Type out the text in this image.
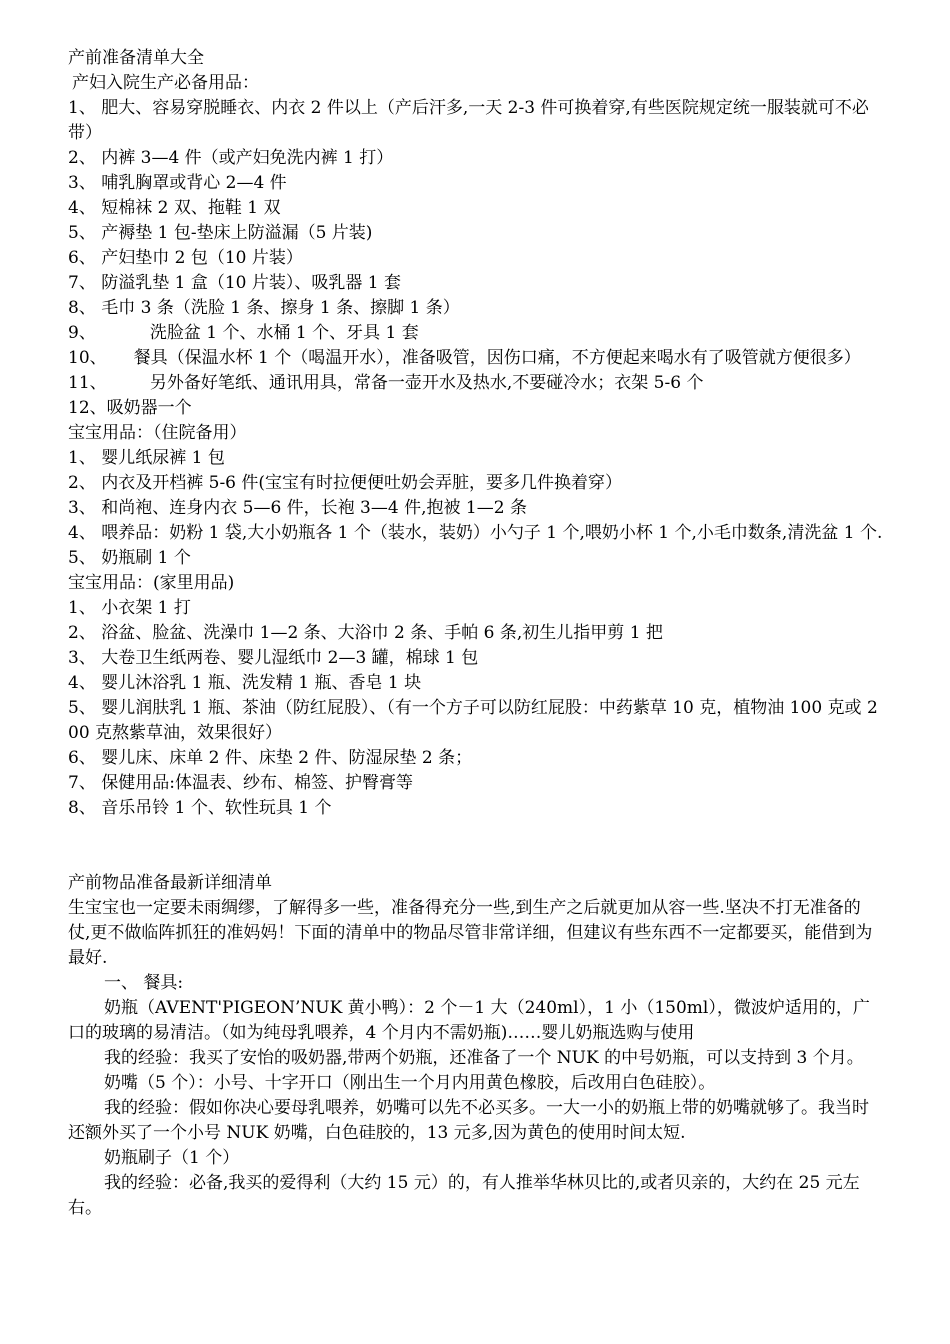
产前准备清单大全

产妇入院生产必备用品：

1、 肥大、容易穿脱睡衣、内衣 2 件以上（产后汗多,一天 2-3 件可换着穿,有些医院规定统一服装就可不必带）

2、 内裤 3—4 件（或产妇免洗内裤 1 打）

3、 哺乳胸罩或背心 2—4 件

4、 短棉袜 2 双、拖鞋 1 双

5、 产褥垫 1 包-垫床上防溢漏（5 片装)

6、 产妇垫巾 2 包（10 片装）

7、 防溢乳垫 1 盒（10 片装）、吸乳器 1 套

8、 毛巾 3 条（洗脸 1 条、擦身 1 条、擦脚 1 条）

9、          洗脸盆 1 个、水桶 1 个、牙具 1 套

10、     餐具（保温水杯 1 个（喝温开水），准备吸管，因伤口痛，不方便起来喝水有了吸管就方便很多）

11、        另外备好笔纸、通讯用具，常备一壶开水及热水,不要碰冷水；衣架 5-6 个

12、吸奶器一个

宝宝用品：（住院备用）

1、 婴儿纸尿裤 1 包

2、 内衣及开档裤 5-6 件(宝宝有时拉便便吐奶会弄脏，要多几件换着穿）

3、 和尚袍、连身内衣 5—6 件，长袍 3—4 件,抱被 1—2 条

4、 喂养品：奶粉 1 袋,大小奶瓶各 1 个（装水，装奶）小勺子 1 个,喂奶小杯 1 个,小毛巾数条,清洗盆 1 个.

5、 奶瓶刷 1 个

宝宝用品：(家里用品)

1、 小衣架 1 打

2、 浴盆、脸盆、洗澡巾 1—2 条、大浴巾 2 条、手帕 6 条,初生儿指甲剪 1 把

3、 大卷卫生纸两卷、婴儿湿纸巾 2—3 罐，棉球 1 包

4、 婴儿沐浴乳 1 瓶、洗发精 1 瓶、香皂 1 块

5、 婴儿润肤乳 1 瓶、茶油（防红屁股）、（有一个方子可以防红屁股：中药紫草 10 克，植物油 100 克或 200 克熬紫草油，效果很好）

6、 婴儿床、床单 2 件、床垫 2 件、防湿尿垫 2 条；

7、 保健用品:体温表、纱布、棉签、护臀膏等

8、 音乐吊铃 1 个、软性玩具 1 个

产前物品准备最新详细清单

生宝宝也一定要未雨绸缪，了解得多一些，准备得充分一些,到生产之后就更加从容一些.坚决不打无准备的仗,更不做临阵抓狂的准妈妈！下面的清单中的物品尽管非常详细，但建议有些东西不一定都要买，能借到为最好.

一、 餐具:

奶瓶（AVENT'PIGEON’NUK 黄小鸭）：2 个－1 大（240ml），1 小（150ml），微波炉适用的，广口的玻璃的易清洁。（如为纯母乳喂养，4 个月内不需奶瓶)……婴儿奶瓶选购与使用

我的经验：我买了安怡的吸奶器,带两个奶瓶，还准备了一个 NUK 的中号奶瓶，可以支持到 3 个月。

奶嘴（5 个）：小号、十字开口（刚出生一个月内用黄色橡胶，后改用白色硅胶）。

我的经验：假如你决心要母乳喂养，奶嘴可以先不必买多。一大一小的奶瓶上带的奶嘴就够了。我当时还额外买了一个小号 NUK 奶嘴，白色硅胶的，13 元多,因为黄色的使用时间太短.

奶瓶刷子（1 个）

我的经验：必备,我买的爱得利（大约 15 元）的，有人推举华林贝比的,或者贝亲的，大约在 25 元左右。
